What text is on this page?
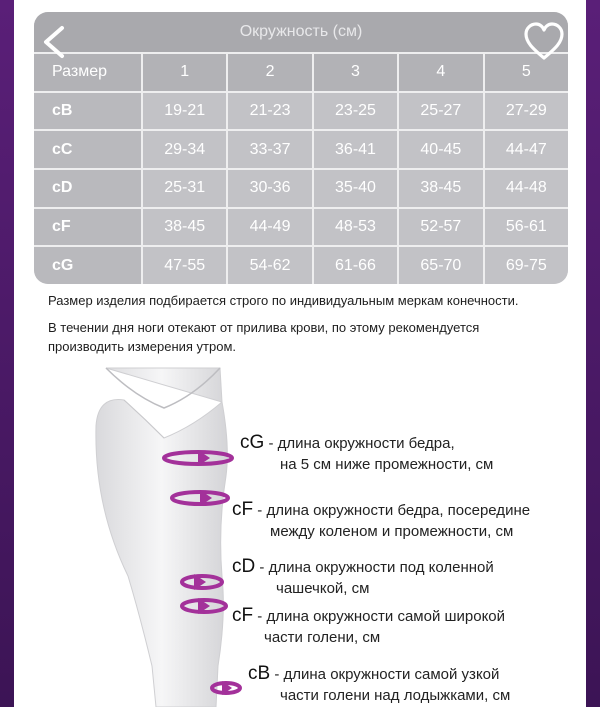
Окружность (см)
Размер	1	2	3	4	5
cB	19-21	21-23	23-25	25-27	27-29
cC	29-34	33-37	36-41	40-45	44-47
cD	25-31	30-36	35-40	38-45	44-48
cF	38-45	44-49	48-53	52-57	56-61
cG	47-55	54-62	61-66	65-70	69-75
Размер изделия подбирается строго по индивидуальным меркам конечности.
В течении дня ноги отекают от прилива крови, по этому рекомендуется
производить измерения утром.
cG - длина окружности бедра,
на 5 см ниже промежности, см
cF - длина окружности бедра, посередине
между коленом и промежности, см
cD - длина окружности под коленной
чашечкой, см
cF - длина окружности самой широкой
части голени, см
cB - длина окружности самой узкой
части голени над лодыжками, см
